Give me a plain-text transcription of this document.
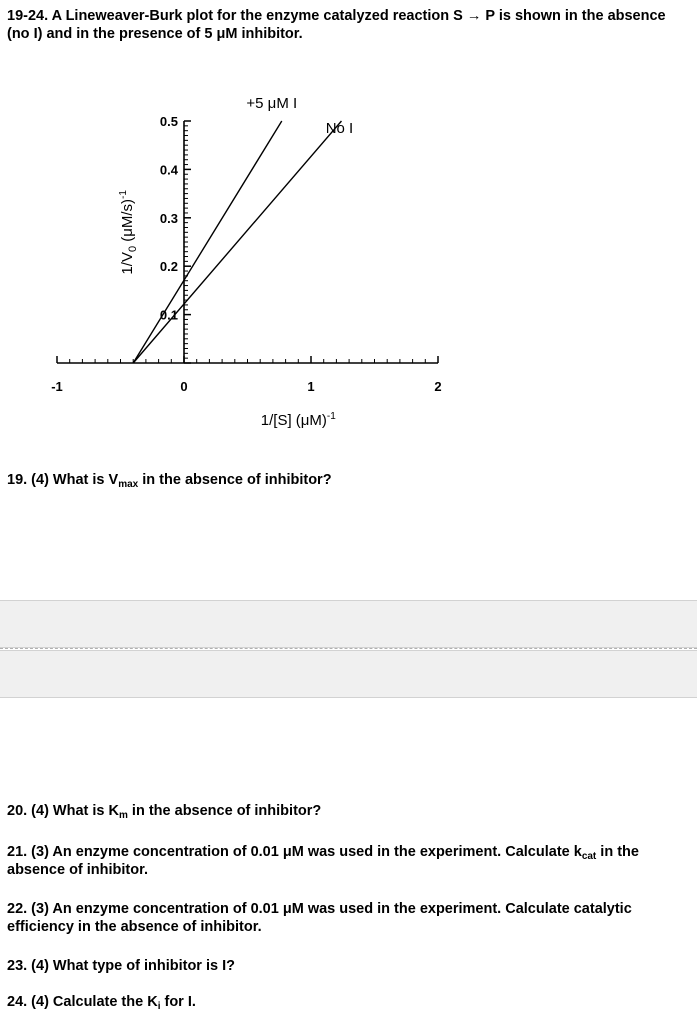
19-24. A Lineweaver-Burk plot for the enzyme catalyzed reaction S → P is shown in the absence (no I) and in the presence of 5 μM inhibitor.
+5 μM I
No I
-1	0	1	2
0.1
0.2
0.3
0.4
0.5
1/[S] $(\mu M)^{-1}$
$1/V_0$ $(\mu M/s)^{-1}$
19. (4) What is $V_{max}$ in the absence of inhibitor?
20. (4) What is $K_m$ in the absence of inhibitor?
21. (3) An enzyme concentration of 0.01 μM was used in the experiment. Calculate $k_{cat}$ in the absence of inhibitor.
22. (3) An enzyme concentration of 0.01 μM was used in the experiment. Calculate catalytic efficiency in the absence of inhibitor.
23. (4) What type of inhibitor is I?
24. (4) Calculate the $K_i$ for I.
